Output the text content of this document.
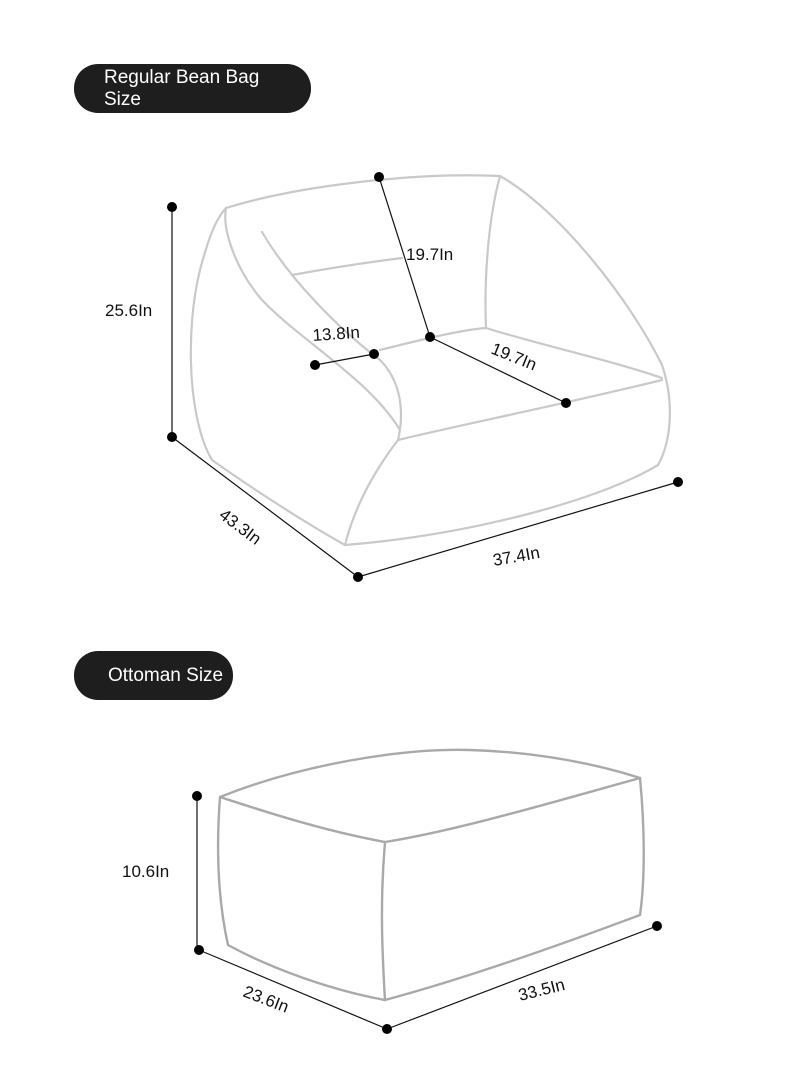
Regular Bean Bag
Size
Ottoman Size
25.6In
19.7In
13.8In
19.7In
43.3In
37.4In
10.6In
23.6In	33.5In
